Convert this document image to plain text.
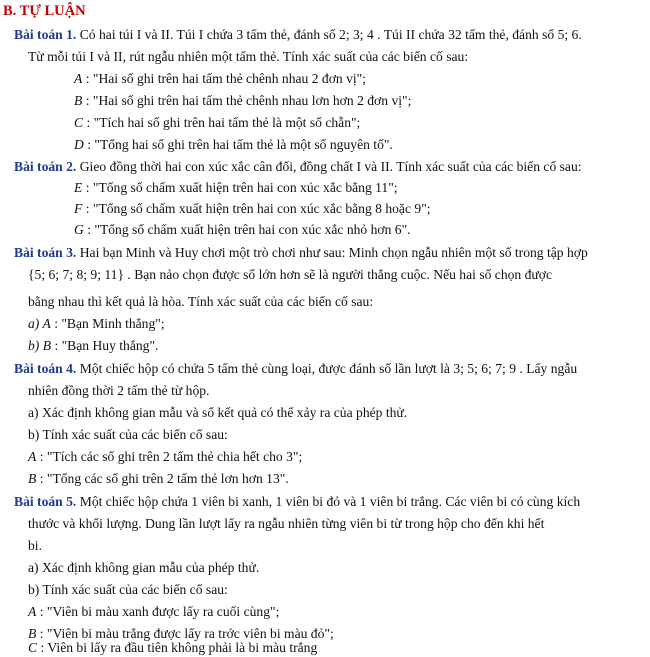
B. TỰ LUẬN
Bài toán 1. Có hai túi I và II. Túi I chứa 3 tấm thẻ, đánh số 2; 3; 4 . Túi II chứa 32 tấm thẻ, đánh số 5; 6.
Từ mỗi túi I và II, rút ngẫu nhiên một tấm thẻ. Tính xác suất của các biến cố sau:
A : "Hai số ghi trên hai tấm thẻ chênh nhau 2 đơn vị";
B : "Hai số ghi trên hai tấm thẻ chênh nhau lơn hơn 2 đơn vị";
C : "Tích hai số ghi trên hai tấm thẻ là một số chẵn";
D : "Tổng hai số ghi trên hai tấm thẻ là một số nguyên tố".
Bài toán 2. Gieo đồng thời hai con xúc xắc cân đối, đồng chất I và II. Tính xác suất của các biến cố sau:
E : "Tổng số chấm xuất hiện trên hai con xúc xắc bằng 11";
F : "Tổng số chấm xuất hiện trên hai con xúc xắc bằng 8 hoặc 9";
G : "Tổng số chấm xuất hiện trên hai con xúc xắc nhỏ hơn 6".
Bài toán 3. Hai bạn Minh và Huy chơi một trò chơi như sau: Minh chọn ngẫu nhiên một số trong tập hợp
{5; 6; 7; 8; 9; 11} . Bạn nảo chọn được số lớn hơn sẽ là người thắng cuộc. Nếu hai số chọn được
bằng nhau thì kết quả là hòa. Tính xác suất của các biến cố sau:
a) A : "Bạn Minh thắng";
b) B : "Bạn Huy thắng".
Bài toán 4. Một chiếc hộp có chứa 5 tấm thẻ cùng loại, được đánh số lần lượt là 3; 5; 6; 7; 9 . Lấy ngẫu
nhiên đồng thời 2 tấm thẻ từ hộp.
a) Xác định không gian mẫu và số kết quả có thể xảy ra của phép thử.
b) Tính xác suất của các biến cố sau:
A : "Tích các số ghi trên 2 tấm thẻ chia hết cho 3";
B : "Tổng các số ghi trên 2 tấm thẻ lơn hơn 13".
Bài toán 5. Một chiếc hộp chứa 1 viên bi xanh, 1 viên bi đỏ và 1 viên bi trắng. Các viên bi có cùng kích
thước và khối lượng. Dung lần lượt lấy ra ngẫu nhiên từng viên bi từ trong hộp cho đến khi hết
bi.
a) Xác định không gian mẫu của phép thử.
b) Tính xác suất của các biến cố sau:
A : "Viên bi màu xanh được lấy ra cuối cùng";
B : "Viên bi màu trắng được lấy ra trớc viên bi màu đỏ";
C : Viên bi lấy ra đầu tiên không phải là bi màu trắng
